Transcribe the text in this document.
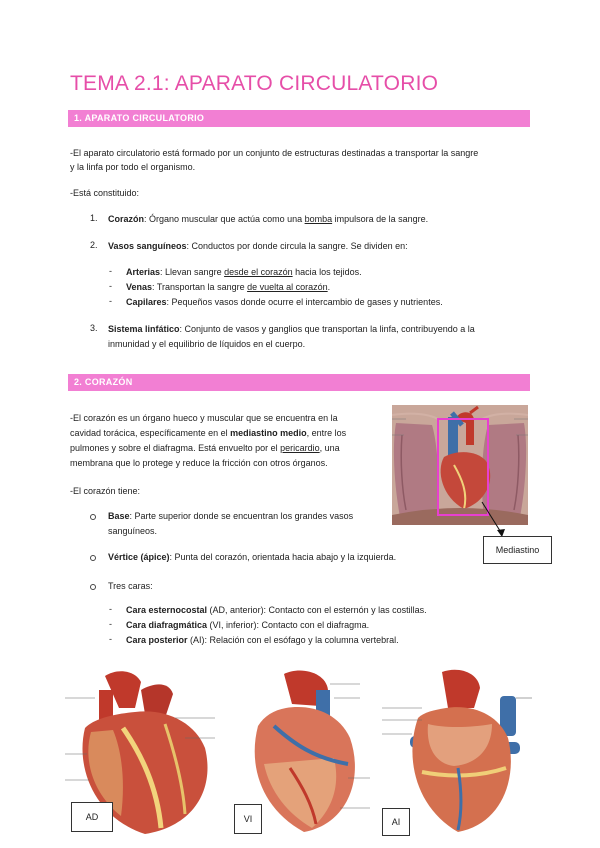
TEMA 2.1: APARATO CIRCULATORIO
1. APARATO CIRCULATORIO
-El aparato circulatorio está formado por un conjunto de estructuras destinadas a transportar la sangre
y la linfa por todo el organismo.
-Está constituido:
1. Corazón: Órgano muscular que actúa como una bomba impulsora de la sangre.
2. Vasos sanguíneos: Conductos por donde circula la sangre. Se dividen en:
- Arterias: Llevan sangre desde el corazón hacia los tejidos.
- Venas: Transportan la sangre de vuelta al corazón.
- Capilares: Pequeños vasos donde ocurre el intercambio de gases y nutrientes.
3. Sistema linfático: Conjunto de vasos y ganglios que transportan la linfa, contribuyendo a la
inmunidad y el equilibrio de líquidos en el cuerpo.
2. CORAZÓN
-El corazón es un órgano hueco y muscular que se encuentra en la
cavidad torácica, específicamente en el mediastino medio, entre los
pulmones y sobre el diafragma. Está envuelto por el pericardio, una
membrana que lo protege y reduce la fricción con otros órganos.
-El corazón tiene:
Base: Parte superior donde se encuentran los grandes vasos
sanguíneos.
Vértice (ápice): Punta del corazón, orientada hacia abajo y la izquierda.
Tres caras:
- Cara esternocostal (AD, anterior): Contacto con el esternón y las costillas.
- Cara diafragmática (VI, inferior): Contacto con el diafragma.
- Cara posterior (AI): Relación con el esófago y la columna vertebral.
Mediastino
AD	VI	AI
